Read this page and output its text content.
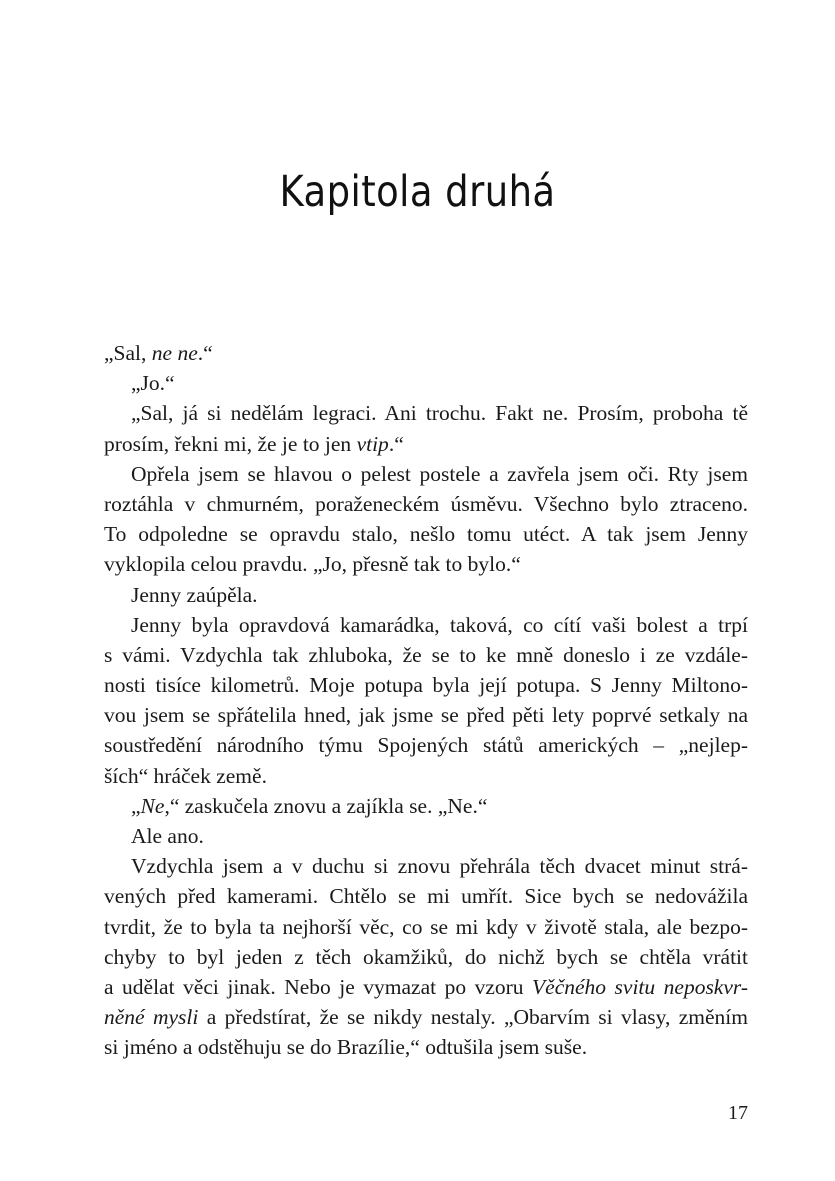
Kapitola druhá
„Sal, ne ne.“
„Jo.“
„Sal, já si nedělám legraci. Ani trochu. Fakt ne. Prosím, proboha tě
prosím, řekni mi, že je to jen vtip.“
Opřela jsem se hlavou o pelest postele a zavřela jsem oči. Rty jsem
roztáhla v chmurném, poraženeckém úsměvu. Všechno bylo ztraceno.
To odpoledne se opravdu stalo, nešlo tomu utéct. A tak jsem Jenny
vyklopila celou pravdu. „Jo, přesně tak to bylo.“
Jenny zaúpěla.
Jenny byla opravdová kamarádka, taková, co cítí vaši bolest a trpí
s vámi. Vzdychla tak zhluboka, že se to ke mně doneslo i ze vzdále-
nosti tisíce kilometrů. Moje potupa byla její potupa. S Jenny Miltono-
vou jsem se spřátelila hned, jak jsme se před pěti lety poprvé setkaly na
soustředění národního týmu Spojených států amerických – „nejlep-
ších“ hráček země.
„Ne,“ zaskučela znovu a zajíkla se. „Ne.“
Ale ano.
Vzdychla jsem a v duchu si znovu přehrála těch dvacet minut strá-
vených před kamerami. Chtělo se mi umřít. Sice bych se nedovážila
tvrdit, že to byla ta nejhorší věc, co se mi kdy v životě stala, ale bezpo-
chyby to byl jeden z těch okamžiků, do nichž bych se chtěla vrátit
a udělat věci jinak. Nebo je vymazat po vzoru Věčného svitu neposkvr-
něné mysli a předstírat, že se nikdy nestaly. „Obarvím si vlasy, změním
si jméno a odstěhuju se do Brazílie,“ odtušila jsem suše.
17
